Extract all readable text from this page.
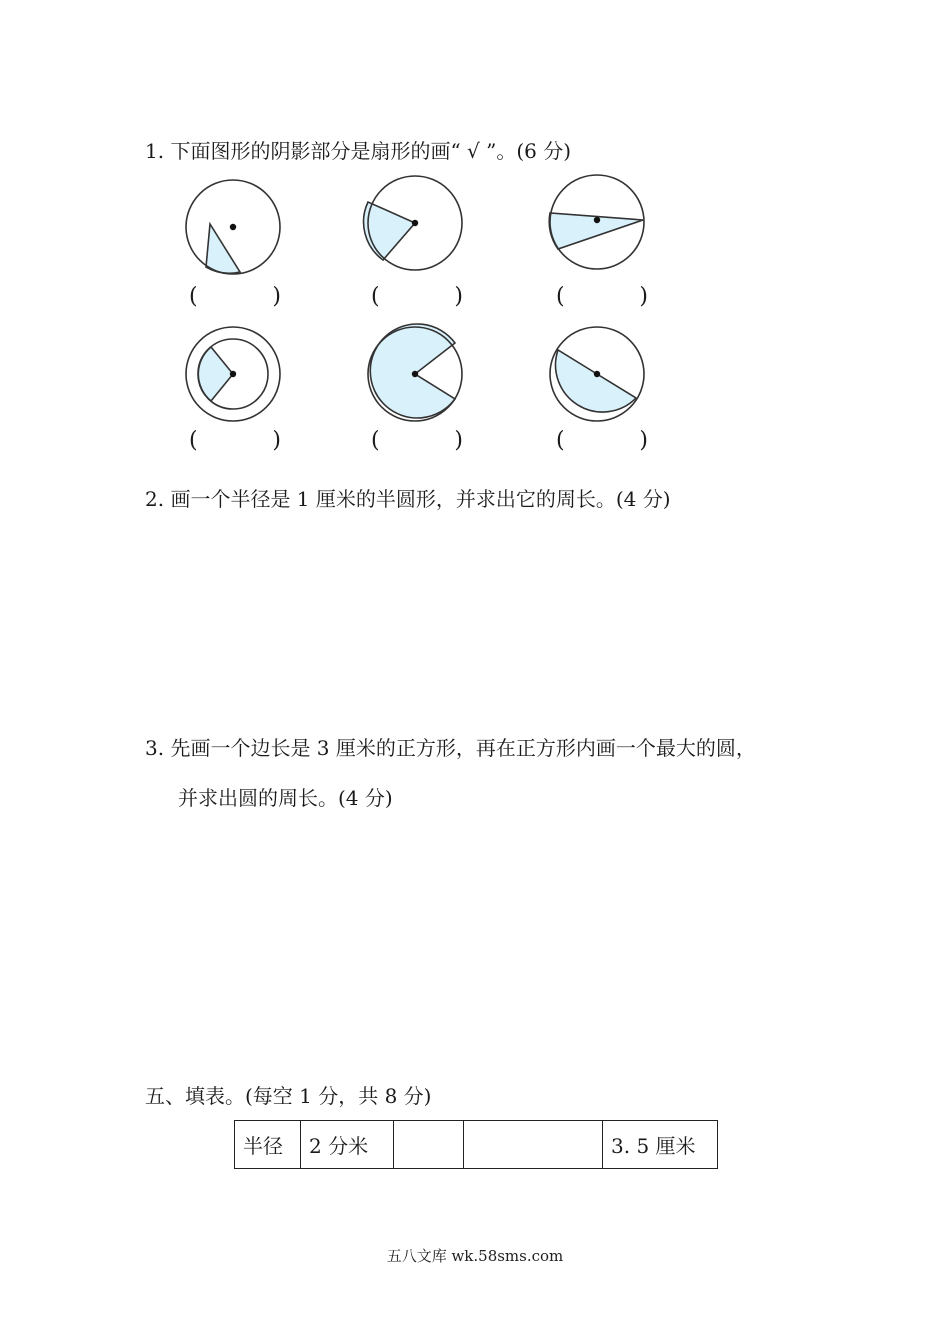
1. 下面图形的阴影部分是扇形的画“ √ ”。(6 分)
(	)	(	)	(	)
(	)	(	)	(	)
2. 画一个半径是 1 厘米的半圆形，并求出它的周长。(4 分)
3. 先画一个边长是 3 厘米的正方形，再在正方形内画一个最大的圆，
并求出圆的周长。(4 分)
五、填表。(每空 1 分，共 8 分)
半径	2 分米			3. 5 厘米
五八文库 wk.58sms.com
